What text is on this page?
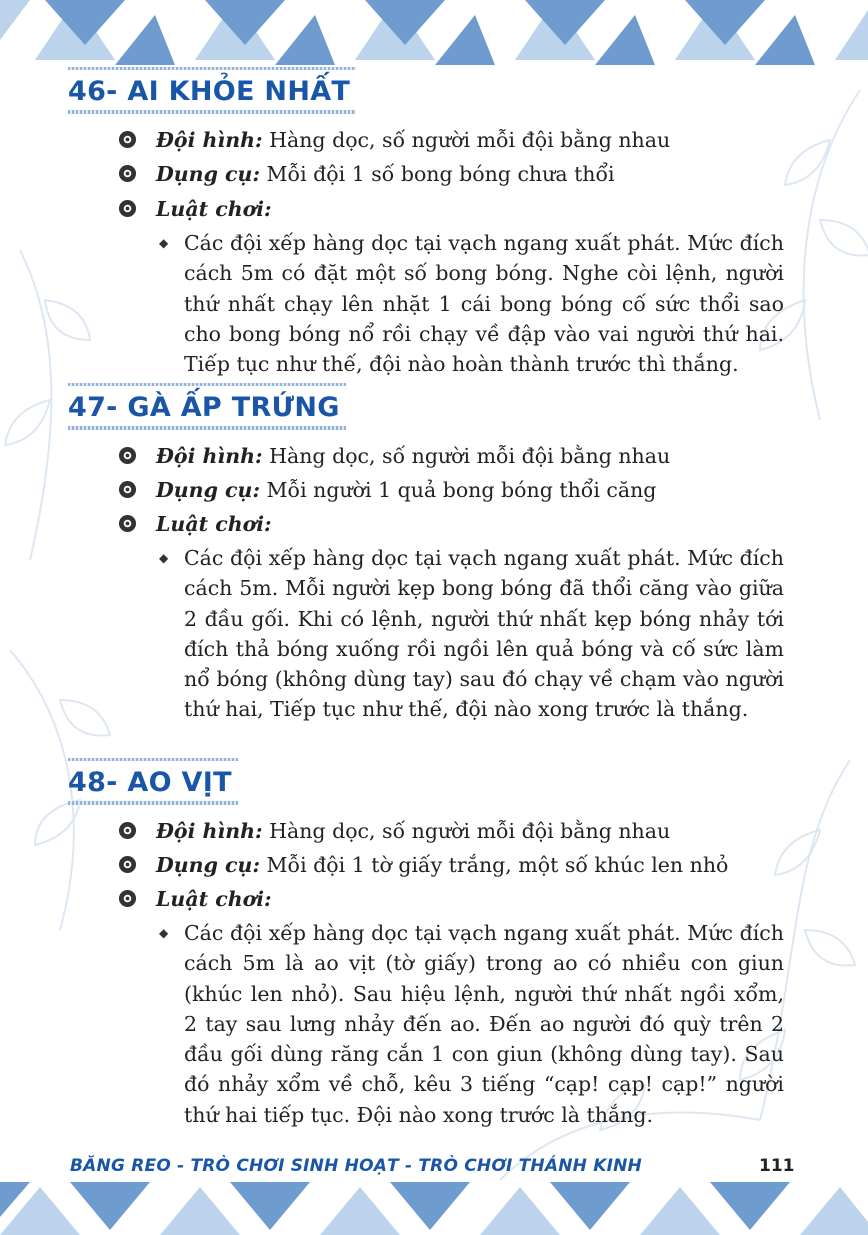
46- AI KHỎE NHẤT
Đội hình: Hàng dọc, số người mỗi đội bằng nhau
Dụng cụ: Mỗi đội 1 số bong bóng chưa thổi
Luật chơi:
◆ Các đội xếp hàng dọc tại vạch ngang xuất phát. Mức đích cách 5m có đặt một số bong bóng. Nghe còi lệnh, người thứ nhất chạy lên nhặt 1 cái bong bóng cố sức thổi sao cho bong bóng nổ rồi chạy về đập vào vai người thứ hai. Tiếp tục như thế, đội nào hoàn thành trước thì thắng.
47- GÀ ẤP TRỨNG
Đội hình: Hàng dọc, số người mỗi đội bằng nhau
Dụng cụ: Mỗi người 1 quả bong bóng thổi căng
Luật chơi:
◆ Các đội xếp hàng dọc tại vạch ngang xuất phát. Mức đích cách 5m. Mỗi người kẹp bong bóng đã thổi căng vào giữa 2 đầu gối. Khi có lệnh, người thứ nhất kẹp bóng nhảy tới đích thả bóng xuống rồi ngồi lên quả bóng và cố sức làm nổ bóng (không dùng tay) sau đó chạy về chạm vào người thứ hai, Tiếp tục như thế, đội nào xong trước là thắng.
48- AO VỊT
Đội hình: Hàng dọc, số người mỗi đội bằng nhau
Dụng cụ: Mỗi đội 1 tờ giấy trắng, một số khúc len nhỏ
Luật chơi:
◆ Các đội xếp hàng dọc tại vạch ngang xuất phát. Mức đích cách 5m là ao vịt (tờ giấy) trong ao có nhiều con giun (khúc len nhỏ). Sau hiệu lệnh, người thứ nhất ngồi xổm, 2 tay sau lưng nhảy đến ao. Đến ao người đó quỳ trên 2 đầu gối dùng răng cắn 1 con giun (không dùng tay). Sau đó nhảy xổm về chỗ, kêu 3 tiếng “cạp! cạp! cạp!” người thứ hai tiếp tục. Đội nào xong trước là thắng.
BĂNG REO - TRÒ CHƠI SINH HOẠT - TRÒ CHƠI THÁNH KINH	111
